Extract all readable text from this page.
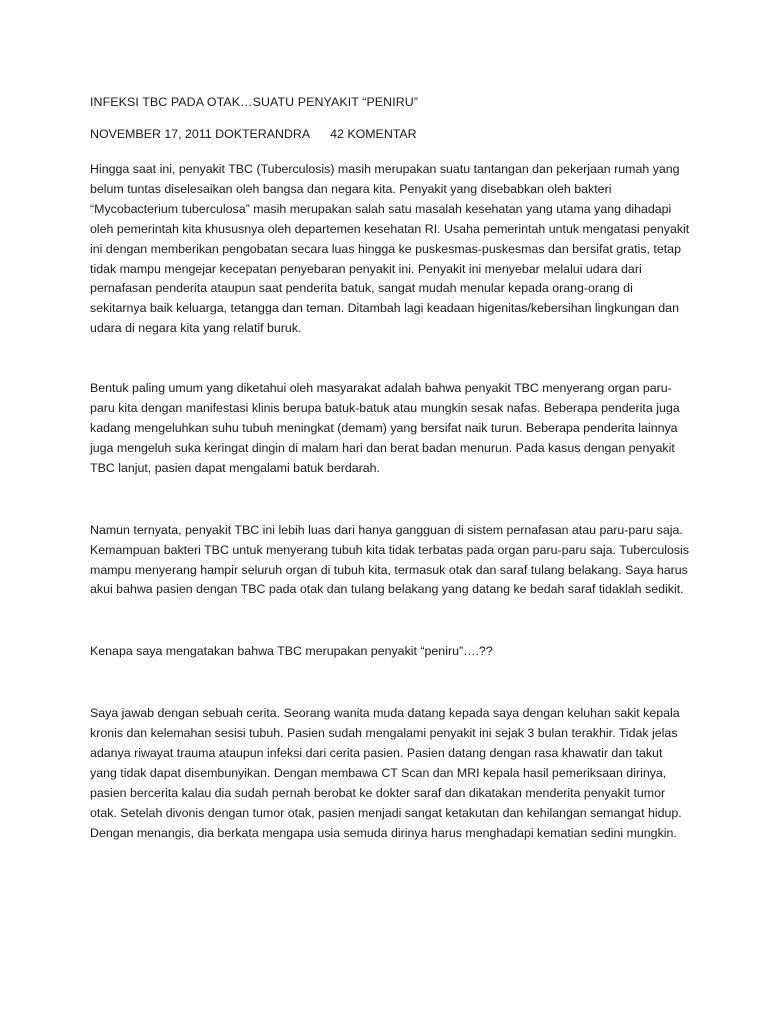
INFEKSI TBC PADA OTAK…SUATU PENYAKIT “PENIRU”
NOVEMBER 17, 2011 DOKTERANDRA 42 KOMENTAR

Hingga saat ini, penyakit TBC (Tuberculosis) masih merupakan suatu tantangan dan pekerjaan rumah yang belum tuntas diselesaikan oleh bangsa dan negara kita. Penyakit yang disebabkan oleh bakteri “Mycobacterium tuberculosa” masih merupakan salah satu masalah kesehatan yang utama yang dihadapi oleh pemerintah kita khususnya oleh departemen kesehatan RI. Usaha pemerintah untuk mengatasi penyakit ini dengan memberikan pengobatan secara luas hingga ke puskesmas-puskesmas dan bersifat gratis, tetap tidak mampu mengejar kecepatan penyebaran penyakit ini. Penyakit ini menyebar melalui udara dari pernafasan penderita ataupun saat penderita batuk, sangat mudah menular kepada orang-orang di sekitarnya baik keluarga, tetangga dan teman. Ditambah lagi keadaan higenitas/kebersihan lingkungan dan udara di negara kita yang relatif buruk.

Bentuk paling umum yang diketahui oleh masyarakat adalah bahwa penyakit TBC menyerang organ paru-paru kita dengan manifestasi klinis berupa batuk-batuk atau mungkin sesak nafas. Beberapa penderita juga kadang mengeluhkan suhu tubuh meningkat (demam) yang bersifat naik turun. Beberapa penderita lainnya juga mengeluh suka keringat dingin di malam hari dan berat badan menurun. Pada kasus dengan penyakit TBC lanjut, pasien dapat mengalami batuk berdarah.

Namun ternyata, penyakit TBC ini lebih luas dari hanya gangguan di sistem pernafasan atau paru-paru saja. Kemampuan bakteri TBC untuk menyerang tubuh kita tidak terbatas pada organ paru-paru saja. Tuberculosis mampu menyerang hampir seluruh organ di tubuh kita, termasuk otak dan saraf tulang belakang. Saya harus akui bahwa pasien dengan TBC pada otak dan tulang belakang yang datang ke bedah saraf tidaklah sedikit.

Kenapa saya mengatakan bahwa TBC merupakan penyakit “peniru”….??

Saya jawab dengan sebuah cerita. Seorang wanita muda datang kepada saya dengan keluhan sakit kepala kronis dan kelemahan sesisi tubuh. Pasien sudah mengalami penyakit ini sejak 3 bulan terakhir. Tidak jelas adanya riwayat trauma ataupun infeksi dari cerita pasien. Pasien datang dengan rasa khawatir dan takut yang tidak dapat disembunyikan. Dengan membawa CT Scan dan MRI kepala hasil pemeriksaan dirinya, pasien bercerita kalau dia sudah pernah berobat ke dokter saraf dan dikatakan menderita penyakit tumor otak. Setelah divonis dengan tumor otak, pasien menjadi sangat ketakutan dan kehilangan semangat hidup. Dengan menangis, dia berkata mengapa usia semuda dirinya harus menghadapi kematian sedini mungkin.
